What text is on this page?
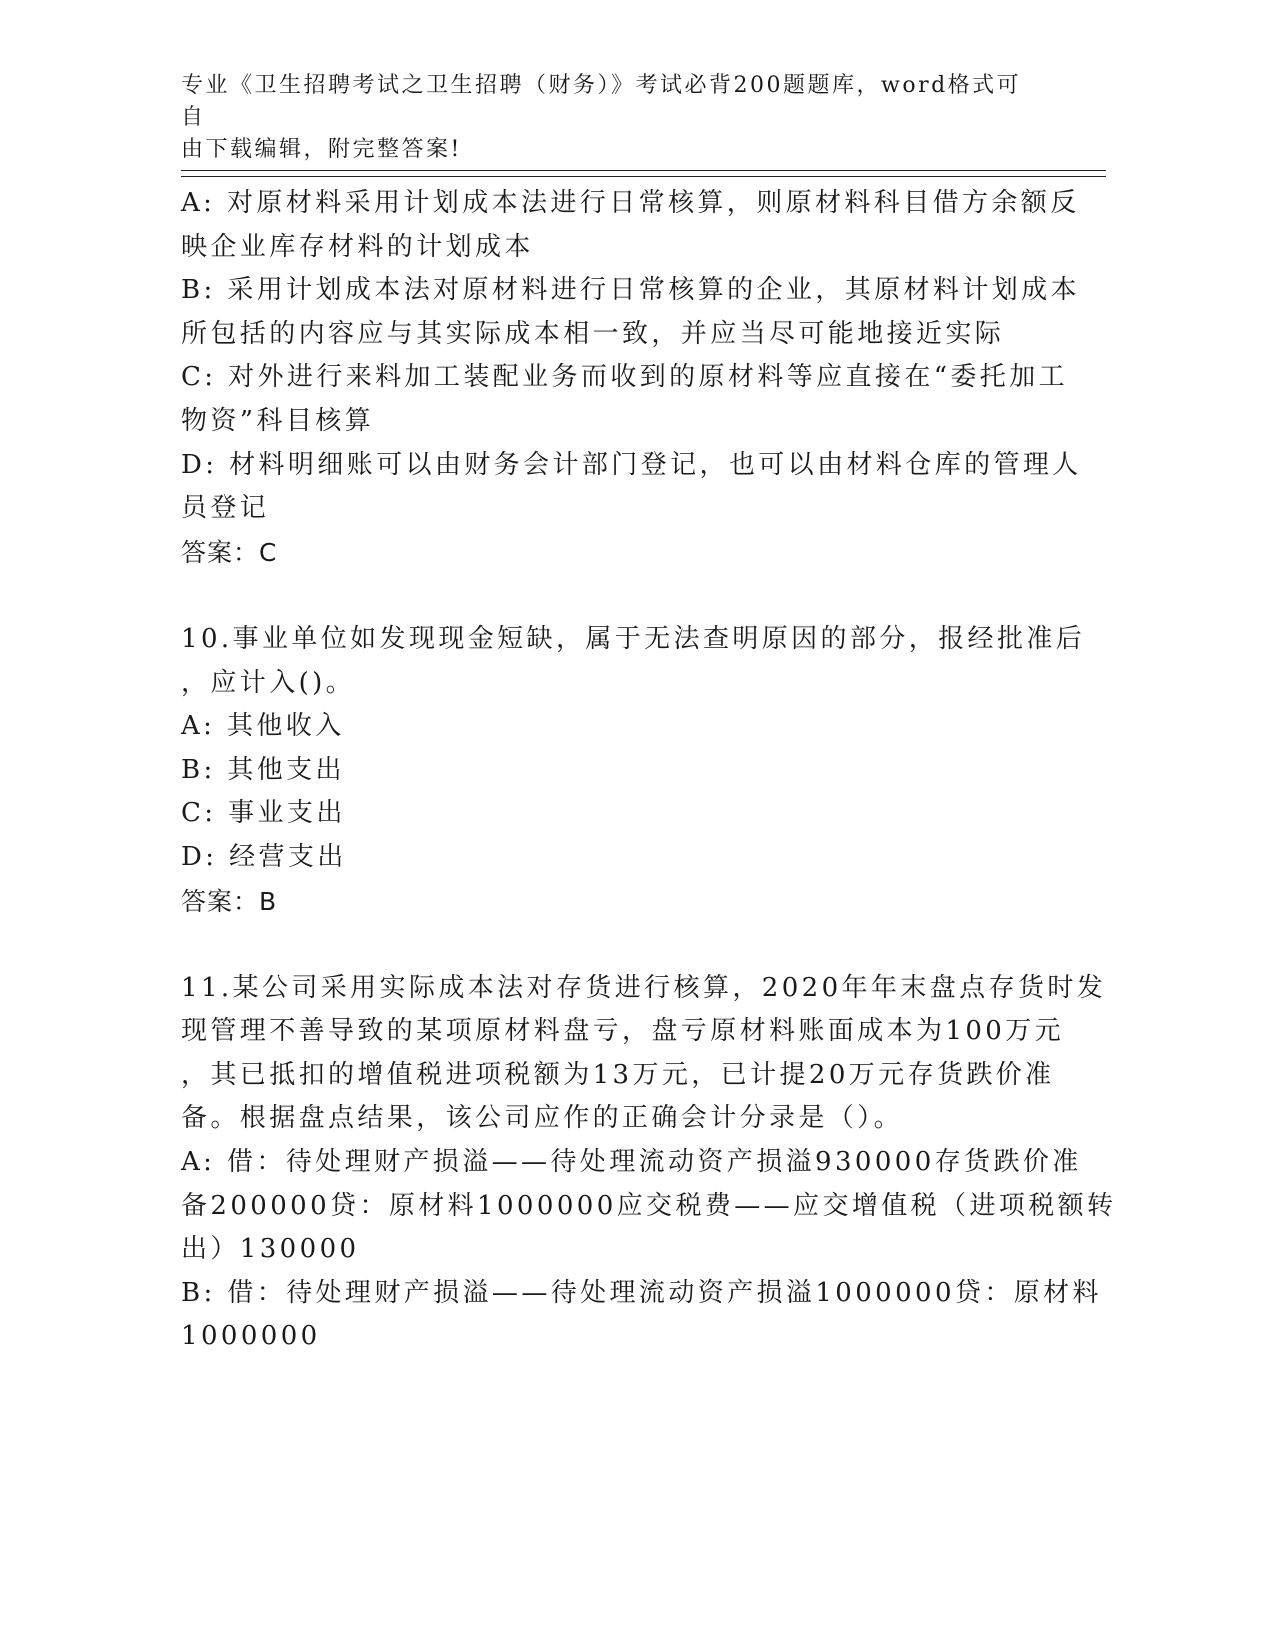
专业《卫生招聘考试之卫生招聘（财务）》考试必背200题题库，word格式可自
由下载编辑，附完整答案!
A: 对原材料采用计划成本法进行日常核算，则原材料科目借方余额反
映企业库存材料的计划成本
B: 采用计划成本法对原材料进行日常核算的企业，其原材料计划成本
所包括的内容应与其实际成本相一致，并应当尽可能地接近实际
C: 对外进行来料加工装配业务而收到的原材料等应直接在“委托加工
物资”科目核算
D: 材料明细账可以由财务会计部门登记，也可以由材料仓库的管理人
员登记
答案：C
10.事业单位如发现现金短缺，属于无法查明原因的部分，报经批准后
，应计入()。
A: 其他收入
B: 其他支出
C: 事业支出
D: 经营支出
答案：B
11.某公司采用实际成本法对存货进行核算，2020年年末盘点存货时发
现管理不善导致的某项原材料盘亏，盘亏原材料账面成本为100万元
，其已抵扣的增值税进项税额为13万元，已计提20万元存货跌价准
备。根据盘点结果，该公司应作的正确会计分录是（）。
A: 借：待处理财产损溢——待处理流动资产损溢930000存货跌价准
备200000贷：原材料1000000应交税费——应交增值税（进项税额转
出）130000
B: 借：待处理财产损溢——待处理流动资产损溢1000000贷：原材料
1000000
